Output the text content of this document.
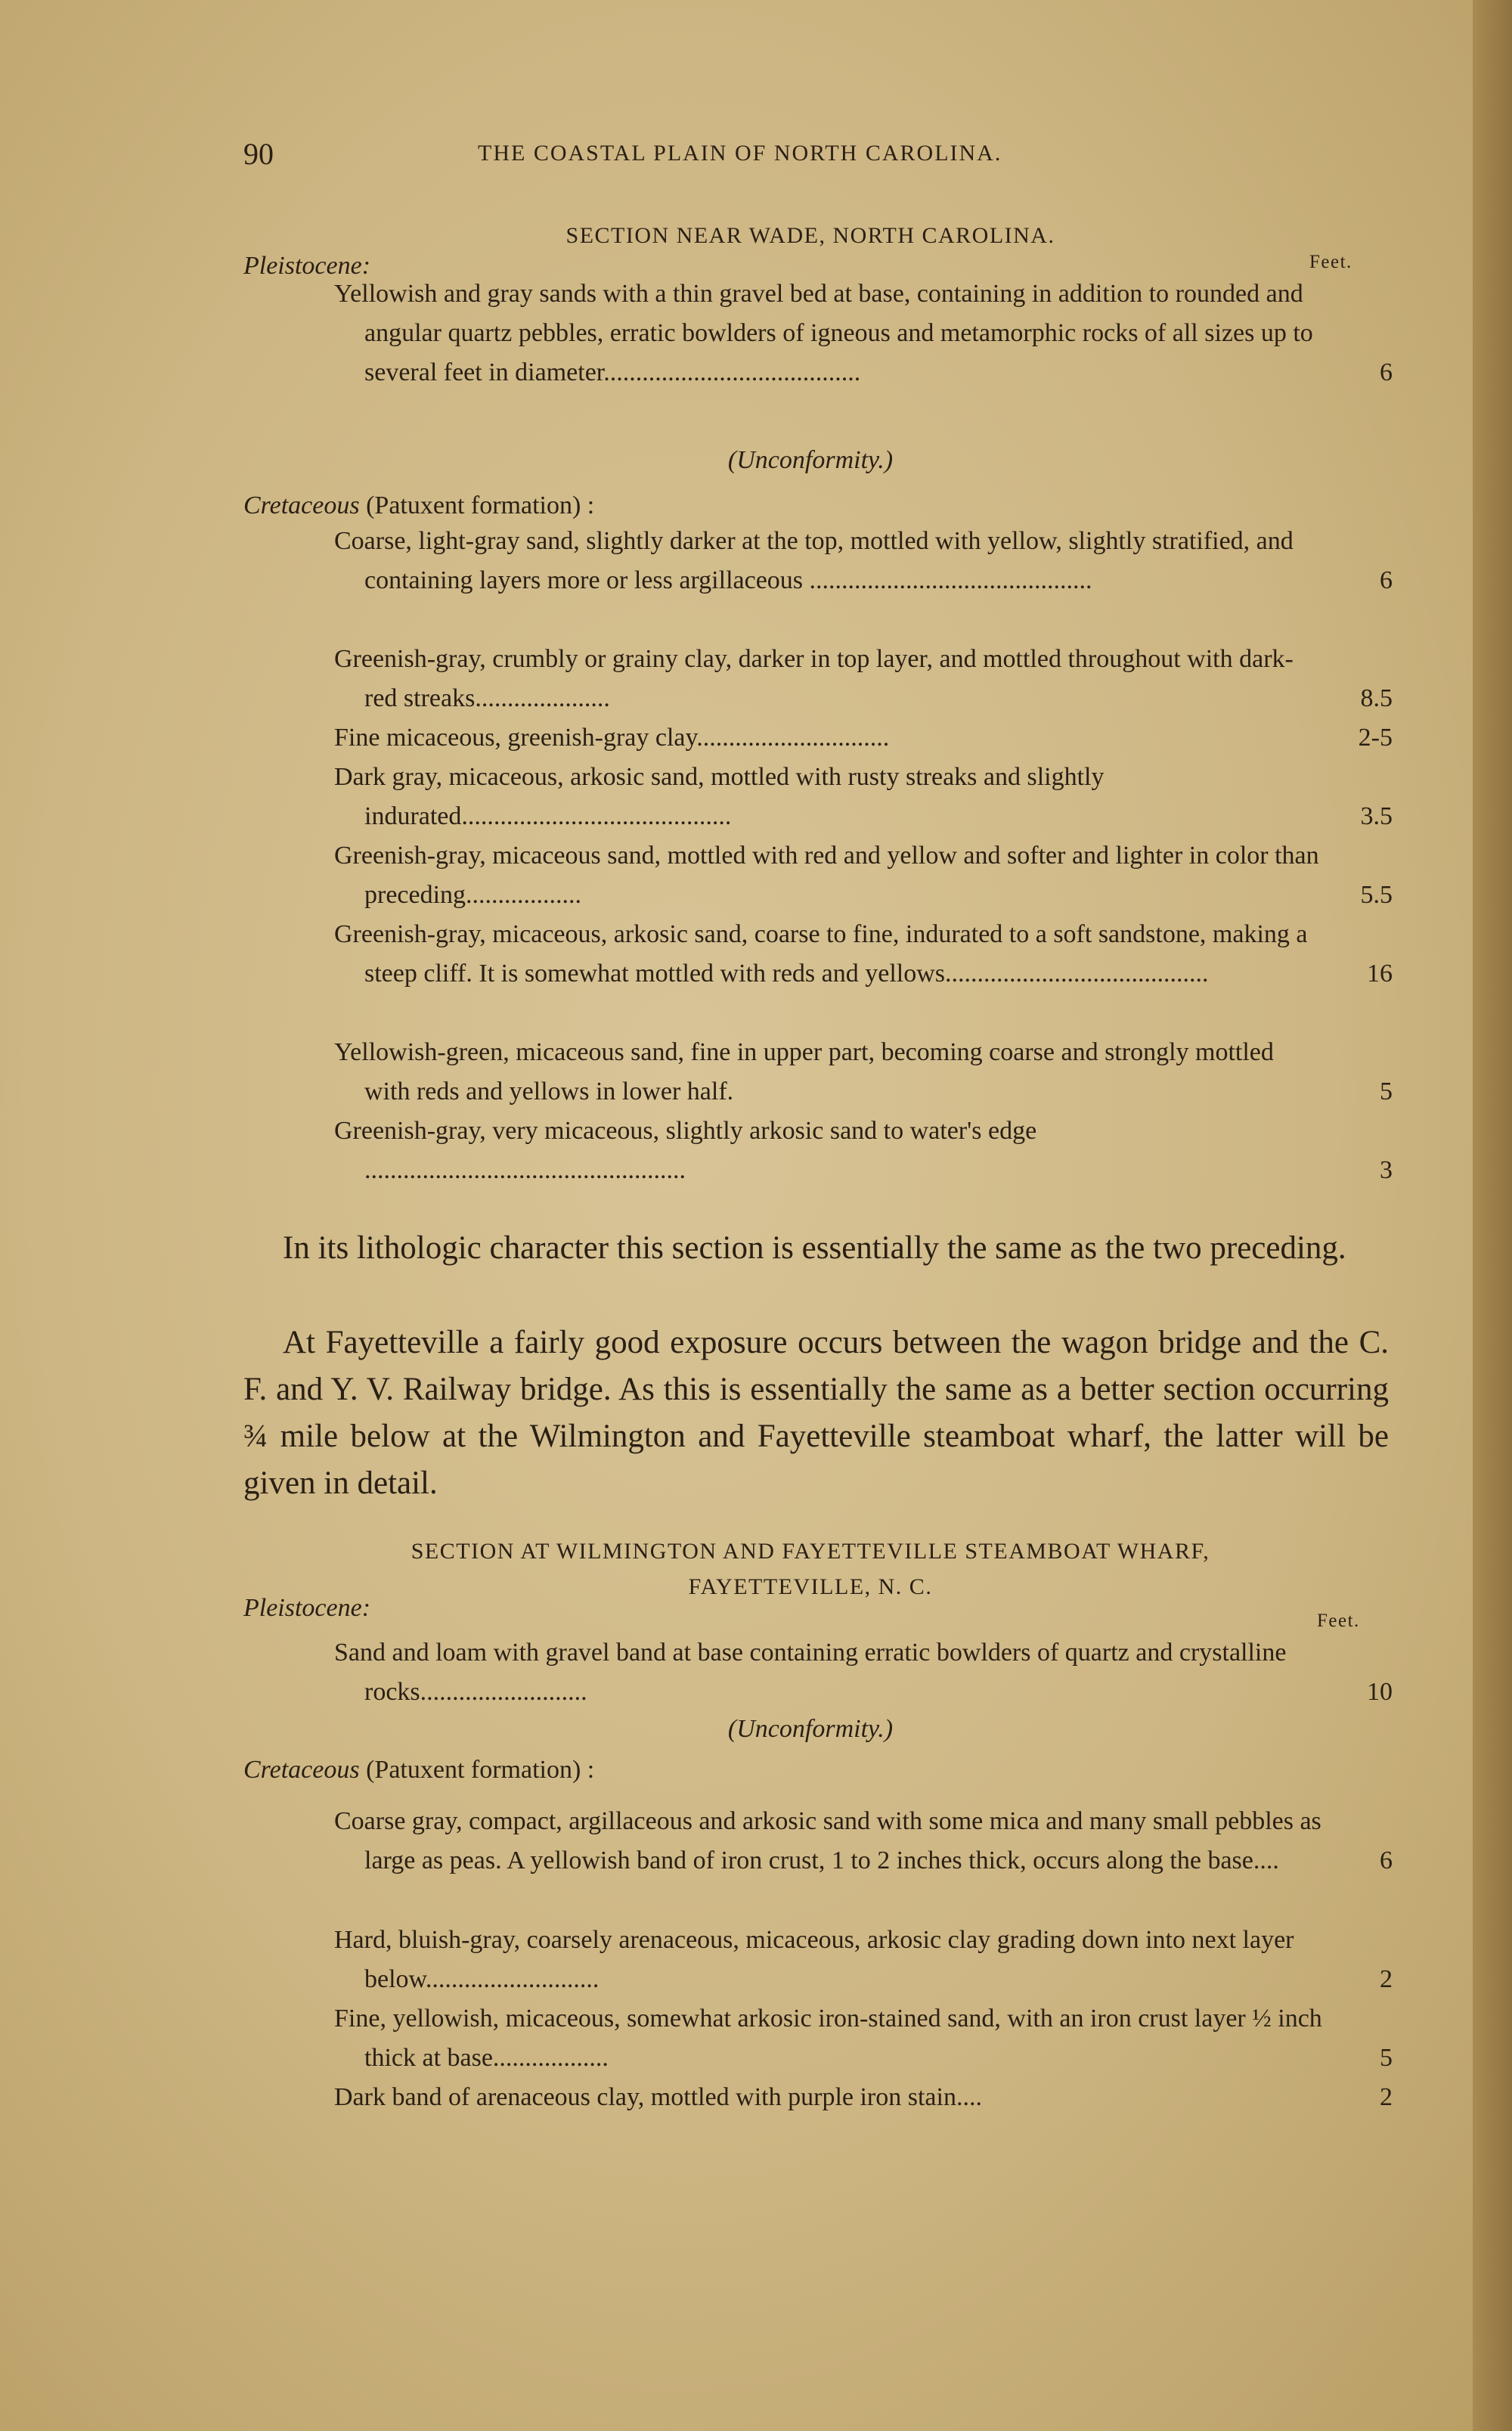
90	THE COASTAL PLAIN OF NORTH CAROLINA.
SECTION NEAR WADE, NORTH CAROLINA.
Pleistocene:	Feet.
Yellowish and gray sands with a thin gravel bed at base, containing in addition to rounded and angular quartz pebbles, erratic bowlders of igneous and metamorphic rocks of all sizes up to several feet in diameter........................................	6
(Unconformity.)
Cretaceous (Patuxent formation) :
Coarse, light-gray sand, slightly darker at the top, mottled with yellow, slightly stratified, and containing layers more or less argillaceous ............................................	6
Greenish-gray, crumbly or grainy clay, darker in top layer, and mottled throughout with dark-red streaks.....................	8.5
Fine micaceous, greenish-gray clay..............................	2-5
Dark gray, micaceous, arkosic sand, mottled with rusty streaks and slightly indurated..........................................	3.5
Greenish-gray, micaceous sand, mottled with red and yellow and softer and lighter in color than preceding..................	5.5
Greenish-gray, micaceous, arkosic sand, coarse to fine, indurated to a soft sandstone, making a steep cliff. It is somewhat mottled with reds and yellows.........................................	16
Yellowish-green, micaceous sand, fine in upper part, becoming coarse and strongly mottled with reds and yellows in lower half.	5
Greenish-gray, very micaceous, slightly arkosic sand to water's edge ..................................................	3
In its lithologic character this section is essentially the same as the two preceding.
At Fayetteville a fairly good exposure occurs between the wagon bridge and the C. F. and Y. V. Railway bridge. As this is essentially the same as a better section occurring ¾ mile below at the Wilmington and Fayetteville steamboat wharf, the latter will be given in detail.
SECTION AT WILMINGTON AND FAYETTEVILLE STEAMBOAT WHARF,
FAYETTEVILLE, N. C.
Pleistocene:	Feet.
Sand and loam with gravel band at base containing erratic bowlders of quartz and crystalline rocks..........................	10
(Unconformity.)
Cretaceous (Patuxent formation) :
Coarse gray, compact, argillaceous and arkosic sand with some mica and many small pebbles as large as peas. A yellowish band of iron crust, 1 to 2 inches thick, occurs along the base....	6
Hard, bluish-gray, coarsely arenaceous, micaceous, arkosic clay grading down into next layer below...........................	2
Fine, yellowish, micaceous, somewhat arkosic iron-stained sand, with an iron crust layer ½ inch thick at base..................	5
Dark band of arenaceous clay, mottled with purple iron stain....	2
